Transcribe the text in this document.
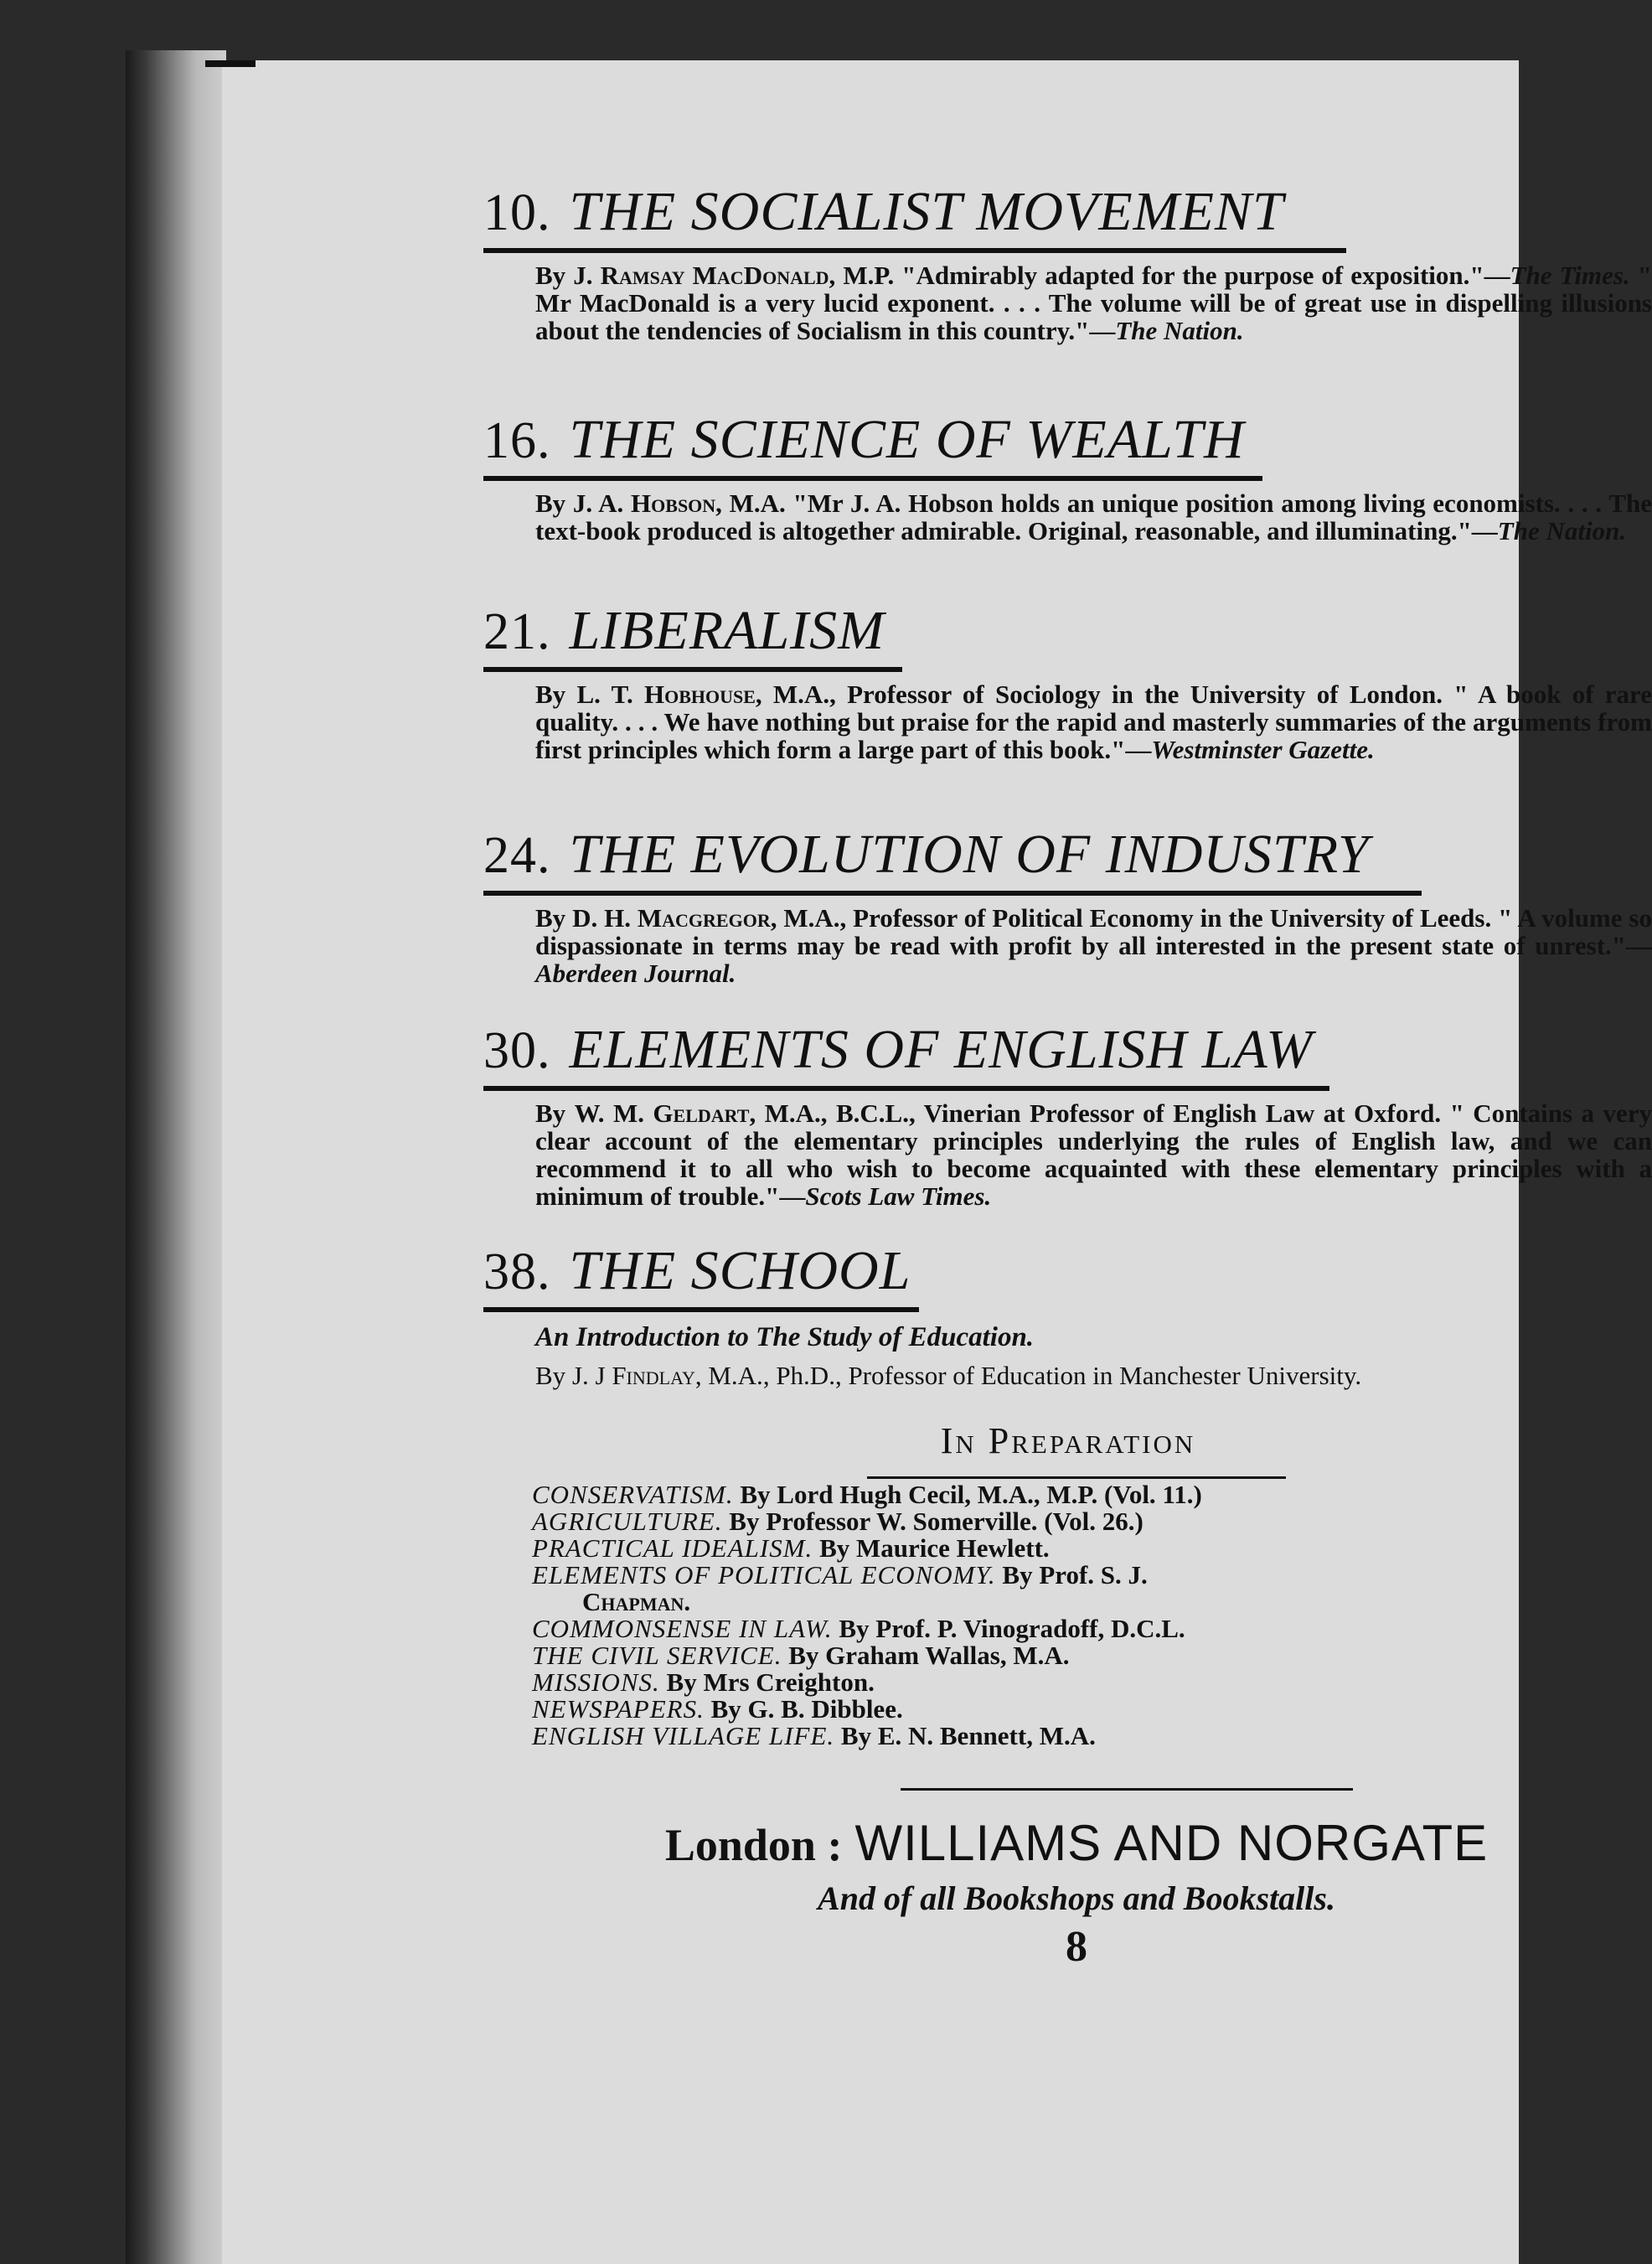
10. THE SOCIALIST MOVEMENT
By J. Ramsay MacDonald, M.P. "Admirably adapted for the purpose of exposition."—The Times. " Mr MacDonald is a very lucid exponent. . . . The volume will be of great use in dispelling illusions about the tendencies of Socialism in this country."—The Nation.
16. THE SCIENCE OF WEALTH
By J. A. Hobson, M.A. "Mr J. A. Hobson holds an unique position among living economists. . . . The text-book produced is altogether admirable. Original, reasonable, and illuminating."—The Nation.
21. LIBERALISM
By L. T. Hobhouse, M.A., Professor of Sociology in the University of London. " A book of rare quality. . . . We have nothing but praise for the rapid and masterly summaries of the arguments from first principles which form a large part of this book."—Westminster Gazette.
24. THE EVOLUTION OF INDUSTRY
By D. H. Macgregor, M.A., Professor of Political Economy in the University of Leeds. " A volume so dispassionate in terms may be read with profit by all interested in the present state of unrest."—Aberdeen Journal.
30. ELEMENTS OF ENGLISH LAW
By W. M. Geldart, M.A., B.C.L., Vinerian Professor of English Law at Oxford. " Contains a very clear account of the elementary principles underlying the rules of English law, and we can recommend it to all who wish to become acquainted with these elementary principles with a minimum of trouble."—Scots Law Times.
38. THE SCHOOL
An Introduction to The Study of Education.
By J. J Findlay, M.A., Ph.D., Professor of Education in Manchester University.
In Preparation
CONSERVATISM. By Lord Hugh Cecil, M.A., M.P. (Vol. 11.)
AGRICULTURE. By Professor W. Somerville. (Vol. 26.)
PRACTICAL IDEALISM. By Maurice Hewlett.
ELEMENTS OF POLITICAL ECONOMY. By Prof. S. J.
Chapman.
COMMONSENSE IN LAW. By Prof. P. Vinogradoff, D.C.L.
THE CIVIL SERVICE. By Graham Wallas, M.A.
MISSIONS. By Mrs Creighton.
NEWSPAPERS. By G. B. Dibblee.
ENGLISH VILLAGE LIFE. By E. N. Bennett, M.A.
London : WILLIAMS AND NORGATE
And of all Bookshops and Bookstalls.
8
